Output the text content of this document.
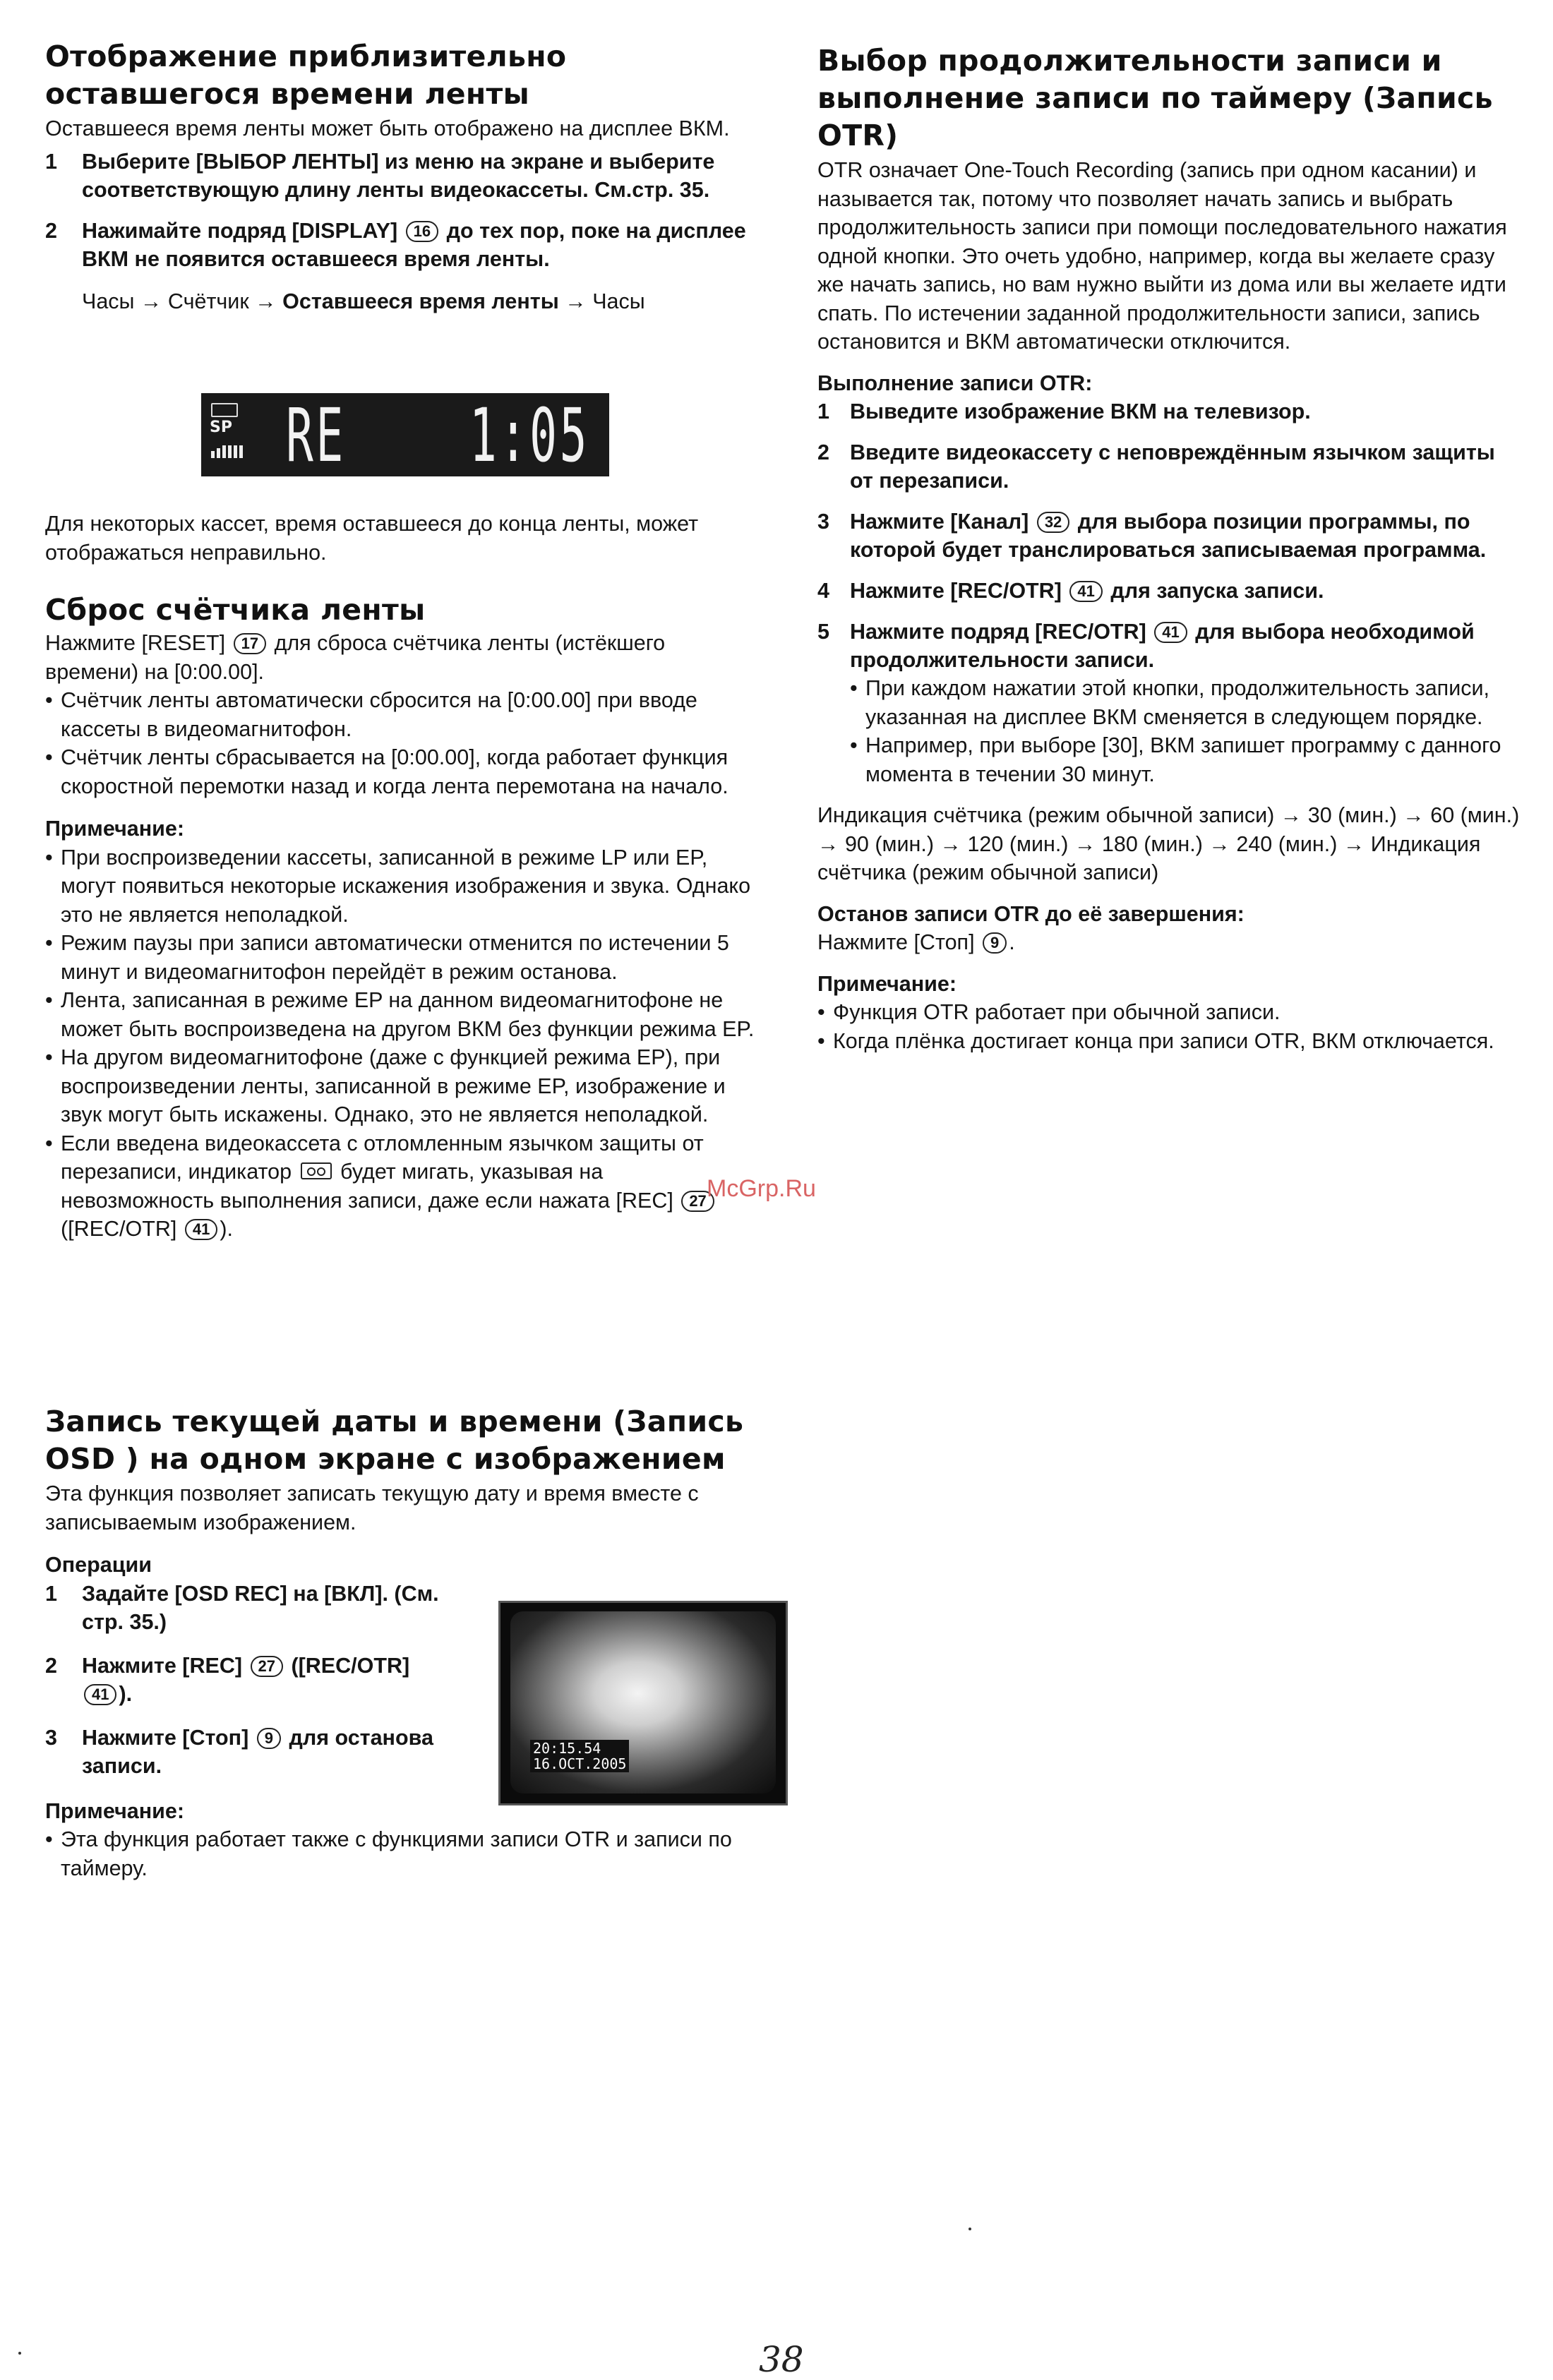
Отображение приблизительно оставшегося времени ленты

Оставшееся время ленты может быть отображено на дисплее ВКМ.

1	Выберите [ВЫБОР ЛЕНТЫ] из меню на экране и выберите соответствующую длину ленты видеокассеты. См.стр. 35.
2	Нажимайте подряд [DISPLAY] 16 до тех пор, поке на дисплее ВКМ не появится оставшееся время ленты.

Часы → Счётчик → Оставшееся время ленты → Часы

SP RE 1:05

Для некоторых кассет, время оставшееся до конца ленты, может отображаться неправильно.

Сброс счётчика ленты

Нажмите [RESET] 17 для сброса счётчика ленты (истёкшего времени) на [0:00.00].

• Счётчик ленты автоматически сбросится на [0:00.00] при вводе кассеты в видеомагнитофон.
• Счётчик ленты сбрасывается на [0:00.00], когда работает функция скоростной перемотки назад и когда лента перемотана на начало.

Примечание:

• При воспроизведении кассеты, записанной в режиме LP или EP, могут появиться некоторые искажения изображения и звука. Однако это не является неполадкой.
• Режим паузы при записи автоматически отменится по истечении 5 минут и видеомагнитофон перейдёт в режим останова.
• Лента, записанная в режиме EP на данном видеомагнитофоне не может быть воспроизведена на другом ВКМ без функции режима EP.
• На другом видеомагнитофоне (даже с функцией режима EP), при воспроизведении ленты, записанной в режиме EP, изображение и звук могут быть искажены. Однако, это не является неполадкой.
• Если введена видеокассета с отломленным язычком защиты от перезаписи, индикатор будет мигать, указывая на невозможность выполнения записи, даже если нажата [REC] 27([REC/OTR] 41 ).
Запись текущей даты и времени (Запись OSD ) на одном экране с изображением

Эта функция позволяет записать текущую дату и время вместе с записываемым изображением.

Операции

1	Задайте [OSD REC] на [ВКЛ]. (См. стр. 35.)
2	Нажмите [REC] 27 ([REC/OTR] 41 ).
3	Нажмите [Стоп] 9 для останова записи.

Примечание:

• Эта функция работает также с функциями записи OTR и записи по таймеру.
20:15.54
16.OCT.2005
Выбор продолжительности записи и выполнение записи по таймеру (Запись OTR)

OTR означает One-Touch Recording (запись при одном касании) и называется так, потому что позволяет начать запись и выбрать продолжительность записи при помощи последовательного нажатия одной кнопки. Это очеть удобно, например, когда вы желаете сразу же начать запись, но вам нужно выйти из дома или вы желаете идти спать. По истечении заданной продолжительности записи, запись остановится и ВКМ автоматически отключится.

Выполнение записи OTR:

1 Выведите изображение ВКМ на телевизор.
2 Введите видеокассету с неповреждённым язычком защиты от перезаписи.
3 Нажмите [Канал] 32 для выбора позиции программы, по которой будет транслироваться записываемая программа.
4 Нажмите [REC/OTR] 41 для запуска записи.
5 Нажмите подряд [REC/OTR] 41 для выбора необходимой продолжительности записи.
• При каждом нажатии этой кнопки, продолжительность записи, указанная на дисплее ВКМ сменяется в следующем порядке.
• Например, при выборе [30], ВКМ запишет программу с данного момента в течении 30 минут.

Индикация счётчика (режим обычной записи) → 30 (мин.) → 60 (мин.) → 90 (мин.) → 120 (мин.) → 180 (мин.) → 240 (мин.) → Индикация счётчика (режим обычной записи)

Останов записи OTR до её завершения:

Нажмите [Стоп] 9 .

Примечание:

• Функция OTR работает при обычной записи.
• Когда плёнка достигает конца при записи OTR, ВКМ отключается.
McGrp.Ru
38
